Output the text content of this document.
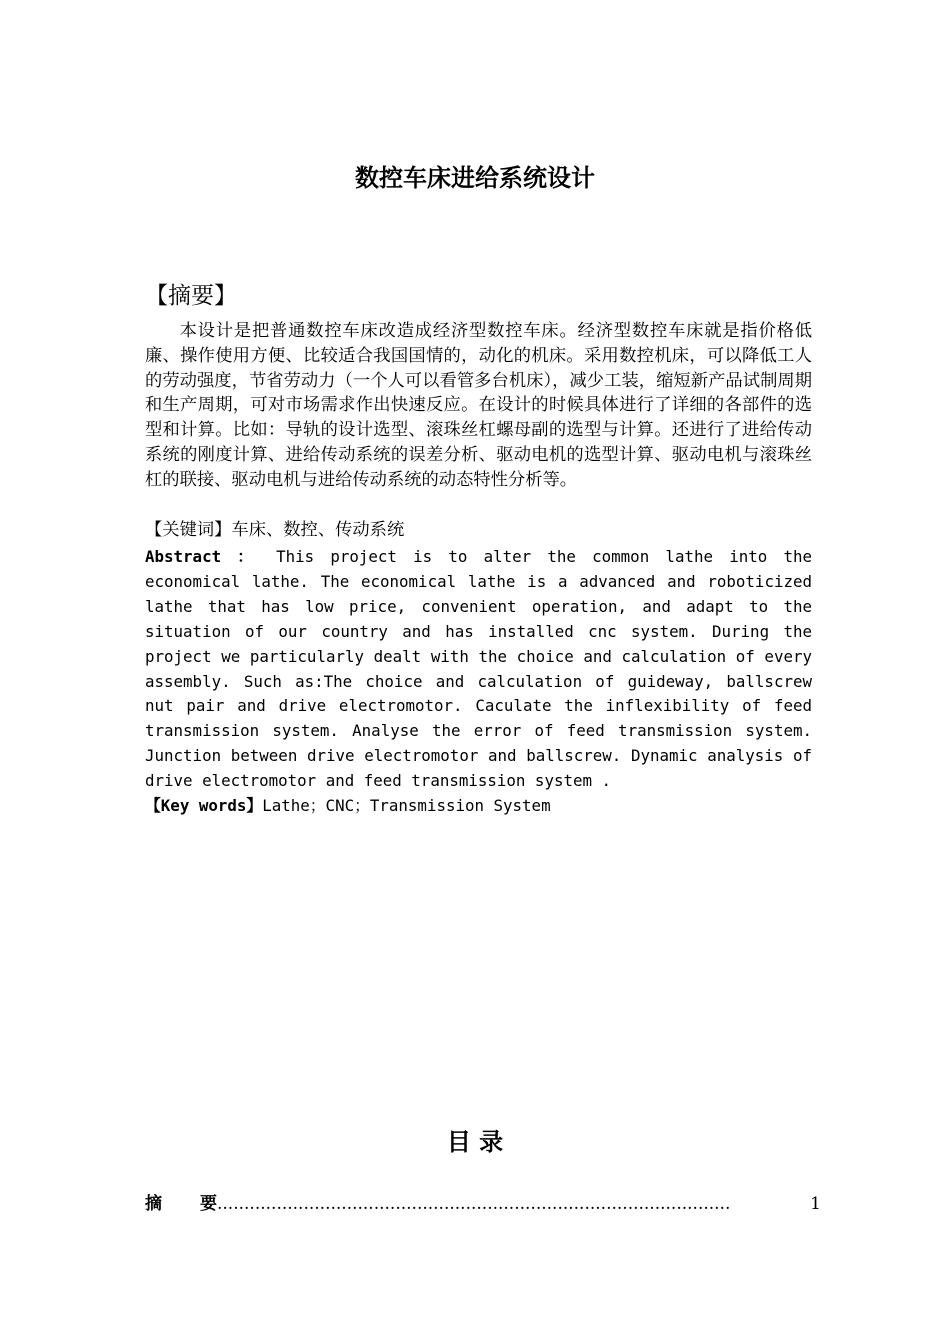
数控车床进给系统设计
【摘要】

本设计是把普通数控车床改造成经济型数控车床。经济型数控车床就是指价格低廉、操作使用方便、比较适合我国国情的，动化的机床。采用数控机床，可以降低工人的劳动强度，节省劳动力（一个人可以看管多台机床），减少工装，缩短新产品试制周期和生产周期，可对市场需求作出快速反应。在设计的时候具体进行了详细的各部件的选型和计算。比如：导轨的设计选型、滚珠丝杠螺母副的选型与计算。还进行了进给传动系统的刚度计算、进给传动系统的误差分析、驱动电机的选型计算、驱动电机与滚珠丝杠的联接、驱动电机与进给传动系统的动态特性分析等。

【关键词】车床、数控、传动系统

Abstract ： This project is to alter the common lathe into the economical lathe. The economical lathe is a advanced and roboticized lathe that has low price, convenient operation, and adapt to the situation of our country and has installed cnc system. During the project we particularly dealt with the choice and calculation of every assembly. Such as:The choice and calculation of guideway, ballscrew nut pair and drive electromotor. Caculate the inflexibility of feed transmission system. Analyse the error of feed transmission system. Junction between drive electromotor and ballscrew. Dynamic analysis of drive electromotor and feed transmission system .

【Key words】Lathe；CNC；Transmission System
目 录
摘 要 ...............................................................................................	1
